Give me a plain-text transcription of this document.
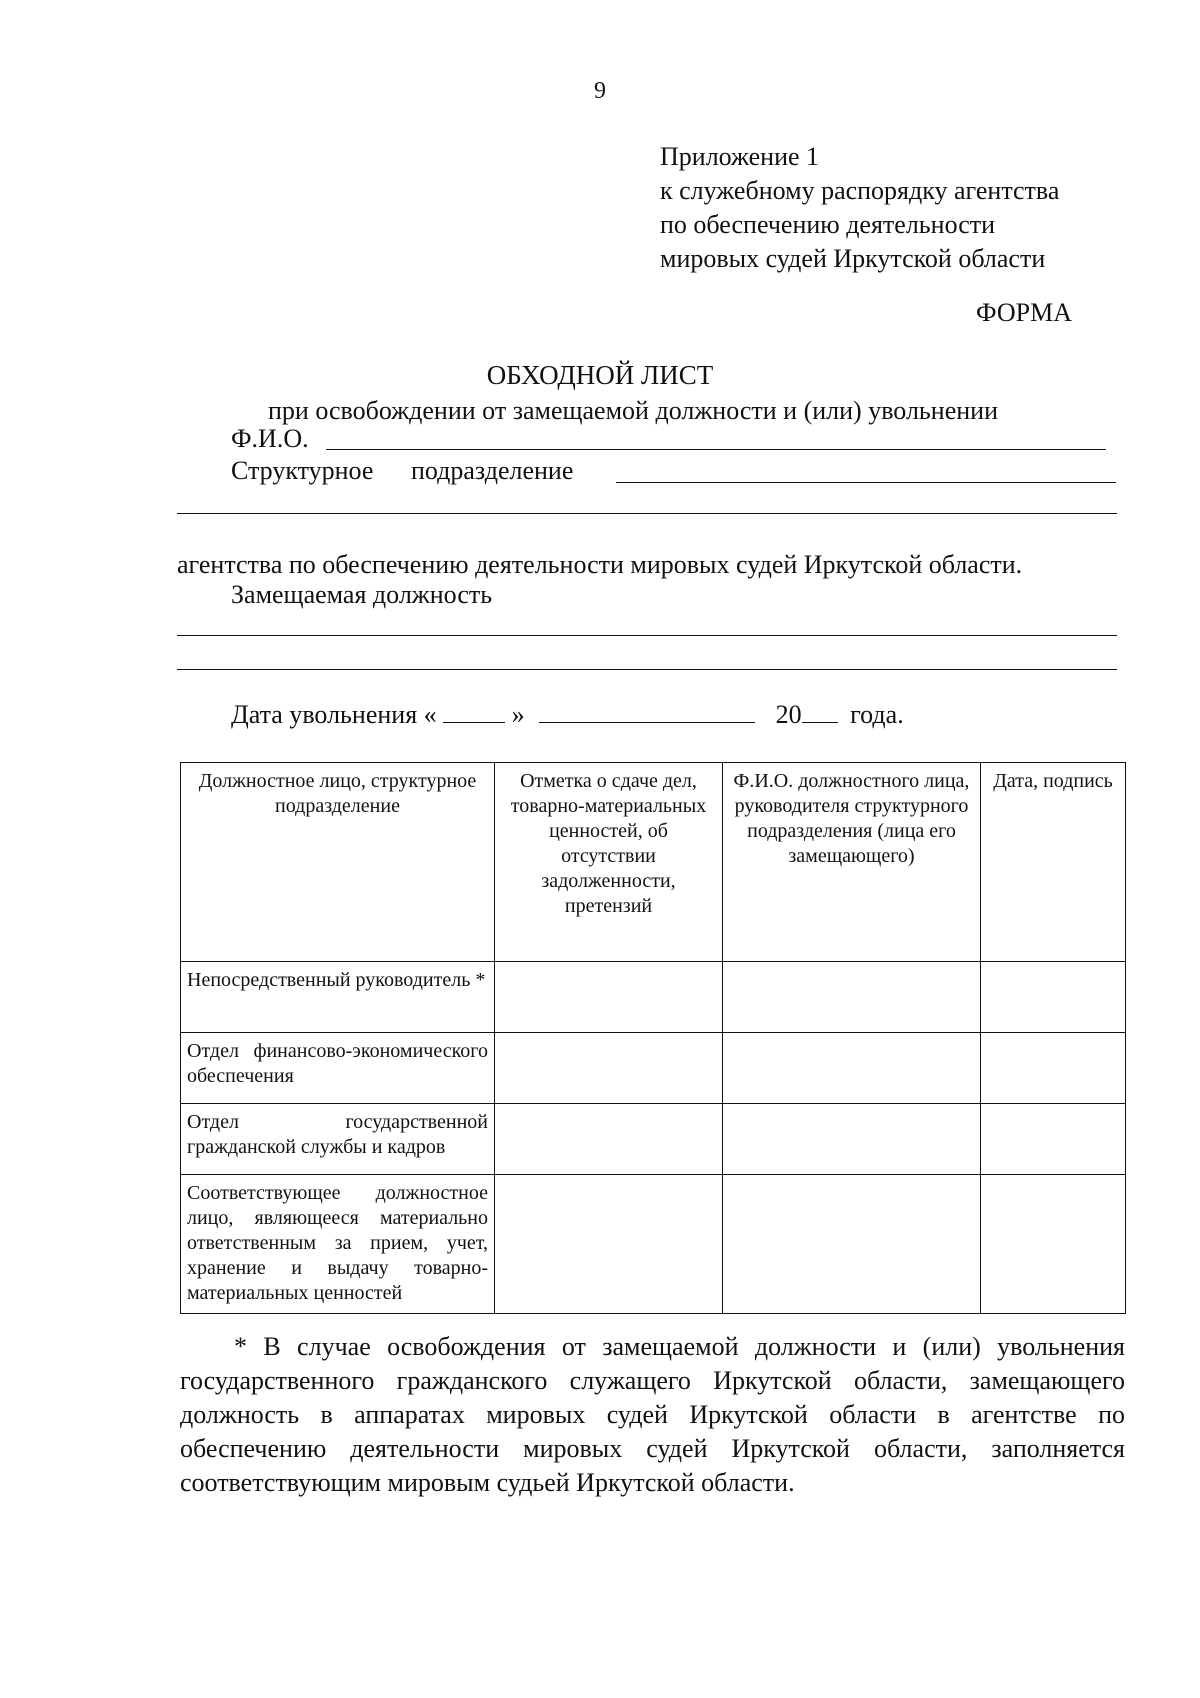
9
Приложение 1
к служебному распорядку агентства
по обеспечению деятельности
мировых судей Иркутской области
ФОРМА
ОБХОДНОЙ ЛИСТ
при освобождении от замещаемой должности и (или) увольнении
Ф.И.О.
Структурное подразделение
агентства по обеспечению деятельности мировых судей Иркутской области.
Замещаемая должность
Дата увольнения «	»	20 года.
Должностное лицо, структурное подразделение	Отметка о сдаче дел, товарно-материальных ценностей, об отсутствии задолженности, претензий	Ф.И.О. должностного лица, руководителя структурного подразделения (лица его замещающего)	Дата, подпись
Непосредственный руководитель *			
Отдел финансово-экономического обеспечения			
Отдел государственной гражданской службы и кадров			
Соответствующее должностное лицо, являющееся материально ответственным за прием, учет, хранение и выдачу товарно-материальных ценностей			
* В случае освобождения от замещаемой должности и (или) увольнения государственного гражданского служащего Иркутской области, замещающего должность в аппаратах мировых судей Иркутской области в агентстве по обеспечению деятельности мировых судей Иркутской области, заполняется соответствующим мировым судьей Иркутской области.
